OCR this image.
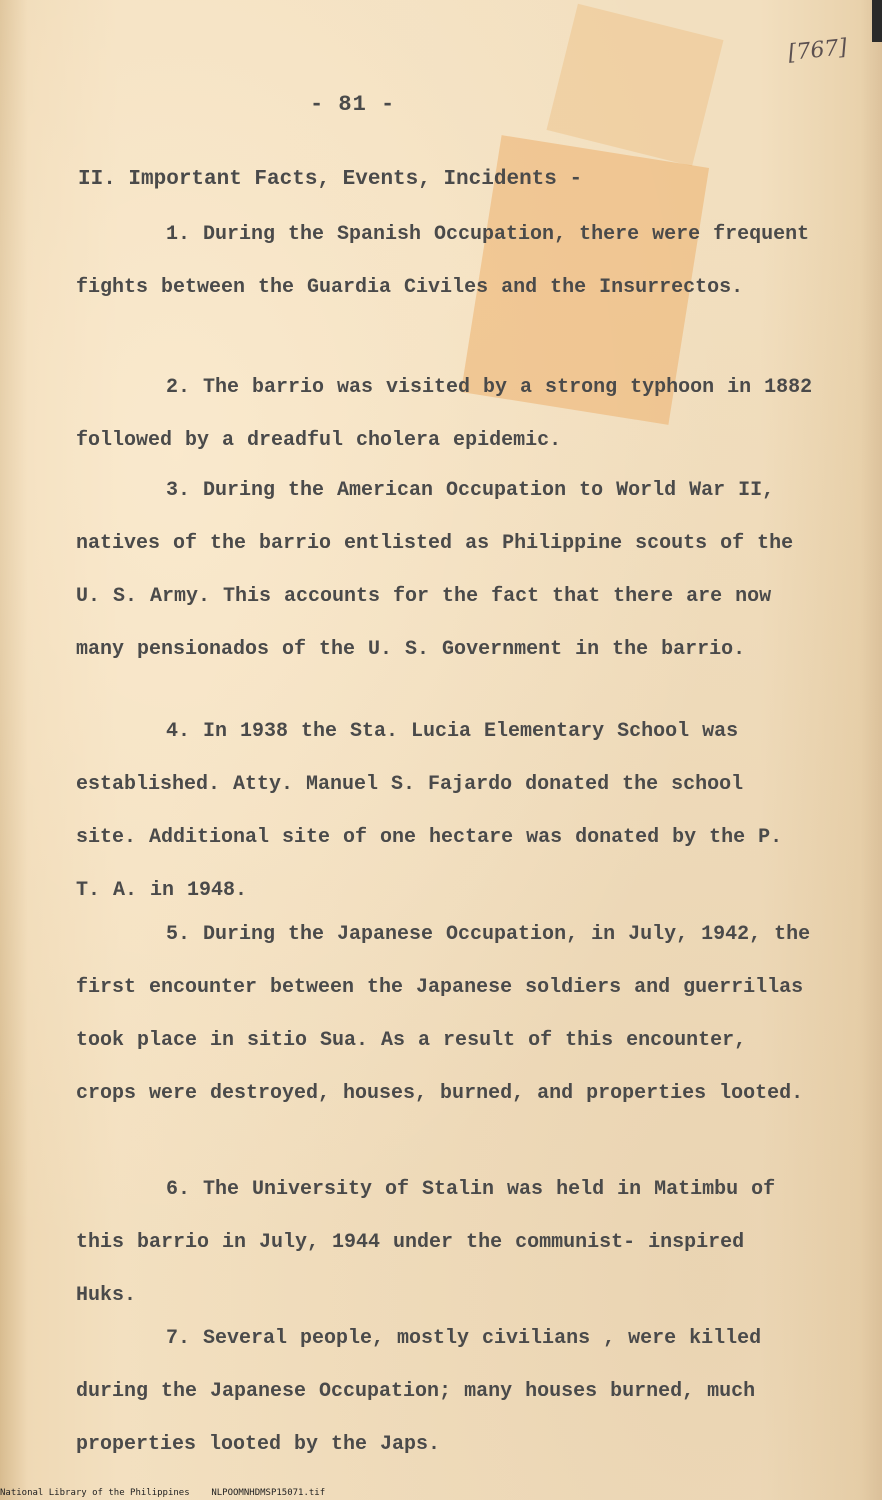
[767]
- 81 -
II. Important Facts, Events, Incidents -

1. During the Spanish Occupation, there were frequent fights between the Guardia Civiles and the Insurrectos.

2. The barrio was visited by a strong typhoon in 1882 followed by a dreadful cholera epidemic.

3. During the American Occupation to World War II, natives of the barrio entlisted as Philippine scouts of the U. S. Army. This accounts for the fact that there are now many pensionados of the U. S. Government in the barrio.

4. In 1938 the Sta. Lucia Elementary School was established. Atty. Manuel S. Fajardo donated the school site. Additional site of one hectare was donated by the P. T. A. in 1948.

5. During the Japanese Occupation, in July, 1942, the first encounter between the Japanese soldiers and guerrillas took place in sitio Sua. As a result of this encounter, crops were destroyed, houses, burned, and properties looted.

6. The University of Stalin was held in Matimbu of this barrio in July, 1944 under the communist- inspired Huks.

7. Several people, mostly civilians , were killed during the Japanese Occupation; many houses burned, much properties looted by the Japs.

National Library of the Philippines NLPOOMNHDMSP15071.tif
